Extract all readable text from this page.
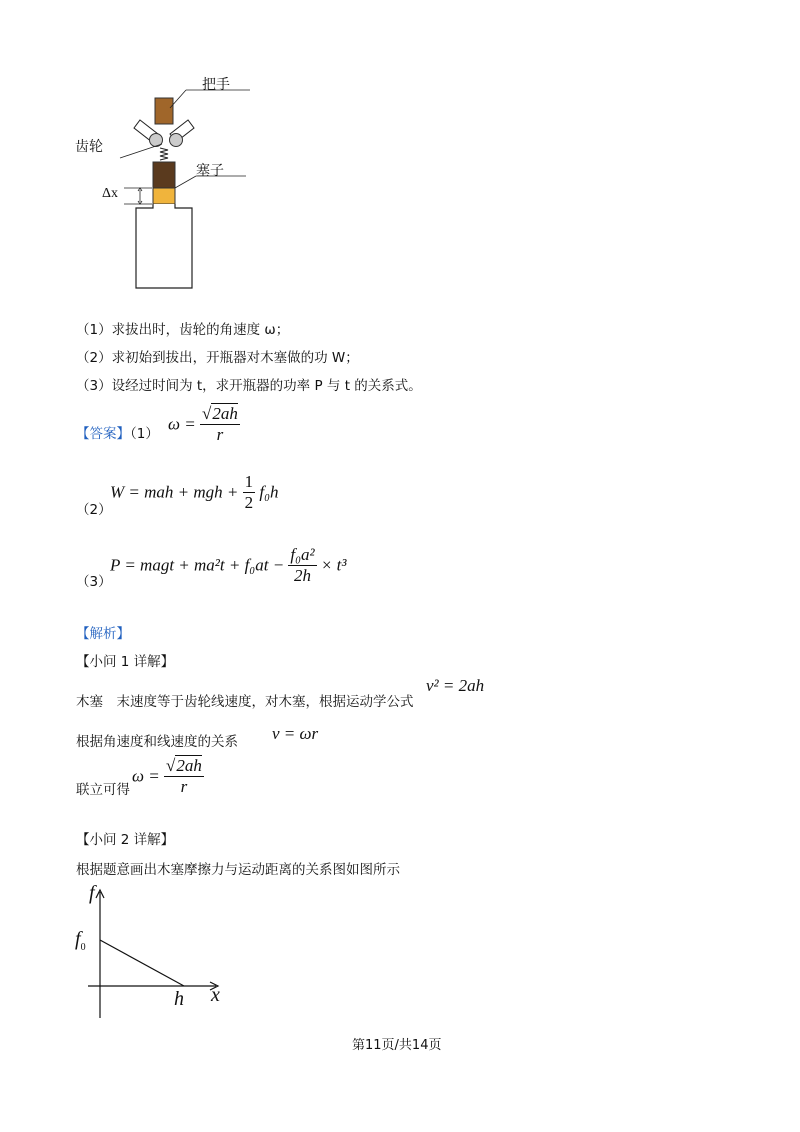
把手
齿轮
塞子
Δx
（1）求拔出时，齿轮的角速度 ω；
（2）求初始到拔出，开瓶器对木塞做的功 W；
（3）设经过时间为 t，求开瓶器的功率 P 与 t 的关系式。
【答案】（1）
$\omega = \frac{√2ah}{r}$
（2）
W = mah + mgh + $\frac{1}{2} f_0h$
（3）
P = magt + $ma^2t + f_0at - \frac{\text{f₀a²}}{2h} \times t^3$
【解析】
【小问 1 详解】
木塞　末速度等于齿轮线速度，对木塞，根据运动学公式
v² = 2ah
根据角速度和线速度的关系 v = ωr
联立可得
$\omega = \frac{√2ah}{r}$
【小问 2 详解】
根据题意画出木塞摩擦力与运动距离的关系图如图所示
f
$f_0$
x
h
第11页/共14页
